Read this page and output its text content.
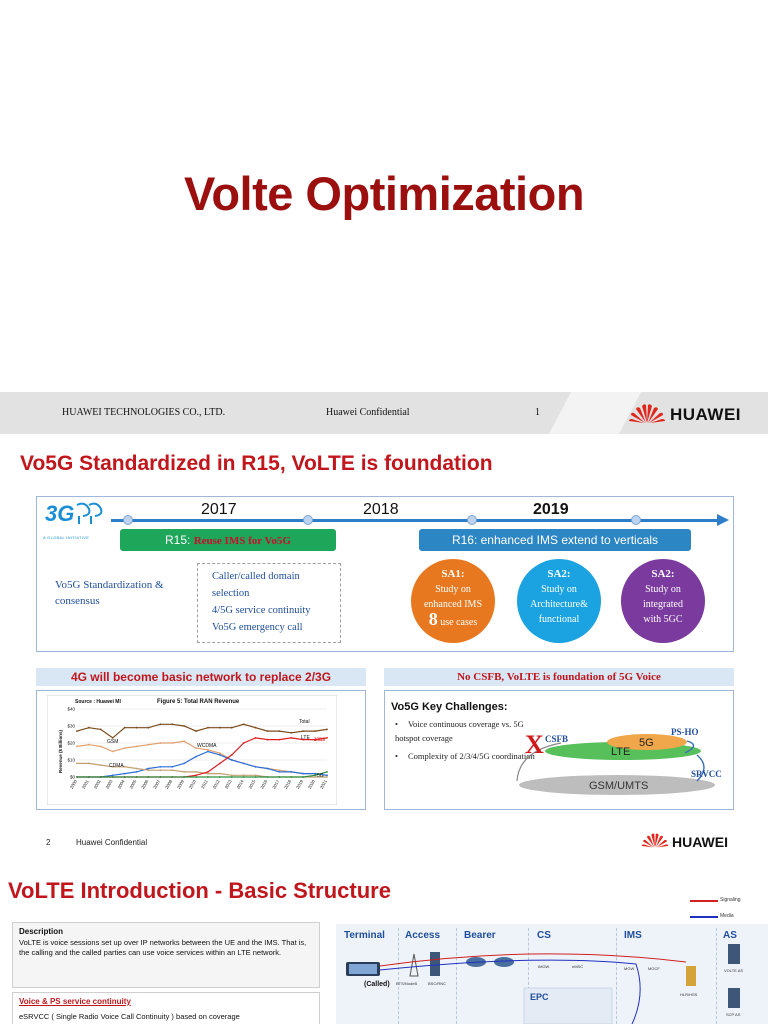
Volte Optimization
HUAWEI TECHNOLOGIES CO., LTD.	Huawei Confidential	1	HUAWEI
Vo5G Standardized in R15, VoLTE is foundation
3G
A GLOBAL INITIATIVE
2017	2018	2019
R15: Reuse IMS for Vo5G	R16: enhanced IMS extend to verticals
Vo5G Standardization & consensus
Caller/called domain selection
4/5G service continuity
Vo5G emergency call
SA1:
Study on
enhanced IMS
8 use cases
SA2:
Study on
Architecture&
functional
SA2:
Study on
integrated
with 5GC
4G will become basic network to replace 2/3G	No CSFB, VoLTE is foundation of 5G Voice
$0
$10
$20
$30
$40
2000 2001 2002 2003 2004 2005 2006 2007 2008 2009 2010 2011 2012 2013 2014 2015 2016 2017 2018 2019 2020 2021
Source : Huawei MI	Figure 5: Total RAN Revenue
Revenue ($ Billions)
Total
LTE 23B$
GSM
WCDMA
CDMA
5G
Vo5G Key Challenges:
• Voice continuous coverage vs. 5G hotspot coverage
• Complexity of 2/3/4/5G coordination
GSM/UMTS
LTE
5G
CSFB
X	PS-HO
SRVCC
2	Huawei Confidential	HUAWEI
VoLTE Introduction - Basic Structure	Signaling
Media
Description
VoLTE is voice sessions set up over IP networks between the UE and the IMS. That is, the calling and the called parties can use voice services within an LTE network.
Voice & PS service continuity
eSRVCC ( Single Radio Voice Call Continuity ) based on coverage
Terminal Access Bearer	CS	IMS	AS
EPC
(Called) BTS/NodeB	BSC/RNC
IMGW	eMSC	MGW	MGCF
HLR/HSS
VOLTE AS
SCP AS
